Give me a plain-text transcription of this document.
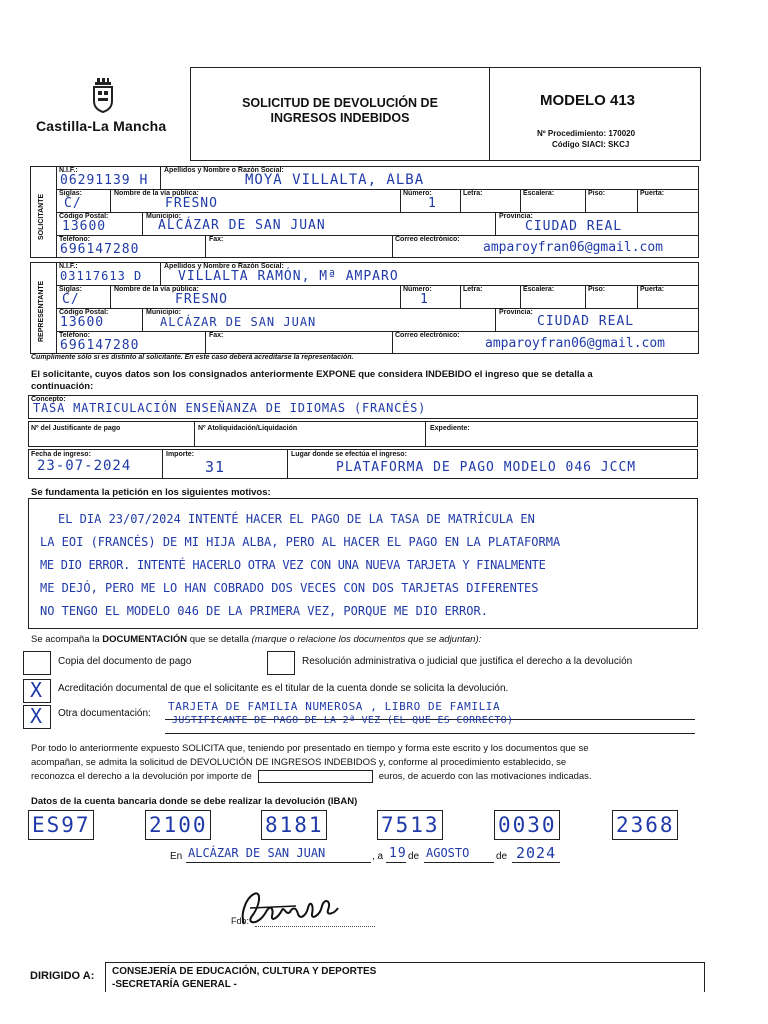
Castilla-La Mancha
SOLICITUD DE DEVOLUCIÓN DE
INGRESOS INDEBIDOS
MODELO 413
Nº Procedimiento: 170020
Código SIACI: SKCJ
SOLICITANTE
N.I.F.:
06291139 H
Apellidos y Nombre o Razón Social:
MOYA VILLALTA, ALBA
Siglas:
C/
Nombre de la vía pública:
FRESNO
Número:
1
Letra:	Escalera:	Piso:	Puerta:
Código Postal:
13600
Municipio:
ALCÁZAR DE SAN JUAN
Provincia:
CIUDAD REAL
Teléfono:
696147280
Fax:	Correo electrónico:
amparoyfran06@gmail.com
REPRESENTANTE
N.I.F.:
03117613 D
Apellidos y Nombre o Razón Social:
VILLALTA RAMÓN, Mª AMPARO
Siglas:
C/
Nombre de la vía pública:
FRESNO
Número:
1
Letra:	Escalera:	Piso:	Puerta:
Código Postal:
13600
Municipio:
ALCÁZAR DE SAN JUAN
Provincia:
CIUDAD REAL
Teléfono:
696147280
Fax:	Correo electrónico:
amparoyfran06@gmail.com
Cumplimente sólo si es distinto al solicitante. En este caso deberá acreditarse la representación.
El solicitante, cuyos datos son los consignados anteriormente EXPONE que considera INDEBIDO el ingreso que se detalla a
continuación:
Concepto:
TASA MATRICULACIÓN ENSEÑANZA DE IDIOMAS (FRANCÉS)
Nº del Justificante de pago	Nº Atoliquidación/Liquidación	Expediente:
Fecha de ingreso:
23-07-2024
Importe:
31
Lugar donde se efectúa el ingreso:
PLATAFORMA DE PAGO MODELO 046 JCCM
Se fundamenta la petición en los siguientes motivos:
EL DIA 23/07/2024 INTENTÉ HACER EL PAGO DE LA TASA DE MATRÍCULA EN
LA EOI (FRANCÉS) DE MI HIJA ALBA, PERO AL HACER EL PAGO EN LA PLATAFORMA
ME DIO ERROR. INTENTÉ HACERLO OTRA VEZ CON UNA NUEVA TARJETA Y FINALMENTE
ME DEJÓ, PERO ME LO HAN COBRADO DOS VECES CON DOS TARJETAS DIFERENTES
NO TENGO EL MODELO 046 DE LA PRIMERA VEZ, PORQUE ME DIO ERROR.
Se acompaña la DOCUMENTACIÓN que se detalla (marque o relacione los documentos que se adjuntan):
Copia del documento de pago	Resolución administrativa o judicial que justifica el derecho a la devolución
X Acreditación documental de que el solicitante es el titular de la cuenta donde se solicita la devolución.
X Otra documentación:
TARJETA DE FAMILIA NUMEROSA , LIBRO DE FAMILIA
JUSTIFICANTE DE PAGO DE LA 2ª VEZ (EL QUE ES CORRECTO)
Por todo lo anteriormente expuesto SOLICITA que, teniendo por presentado en tiempo y forma este escrito y los documentos que se
acompañan, se admita la solicitud de DEVOLUCIÓN DE INGRESOS INDEBIDOS y, conforme al procedimiento establecido, se
reconozca el derecho a la devolución por importe de	euros, de acuerdo con las motivaciones indicadas.
Datos de la cuenta bancaria donde se debe realizar la devolución (IBAN)
ES97	2100	8181	7513	0030	2368
En ALCÁZAR DE SAN JUAN	, a 19 de AGOSTO	de 2024
Fdo:
DIRIGIDO A: CONSEJERÍA DE EDUCACIÓN, CULTURA Y DEPORTES
-SECRETARÍA GENERAL -
